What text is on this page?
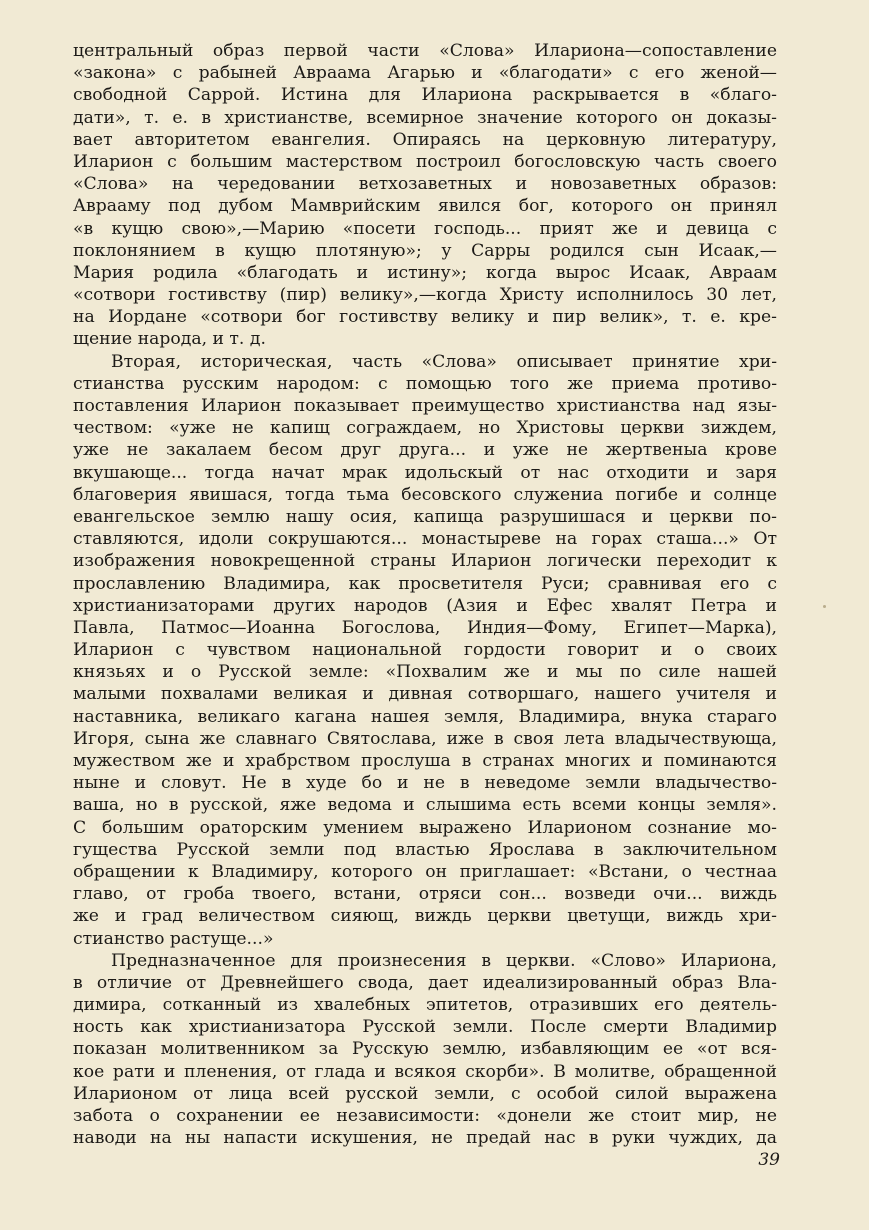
центральный образ первой части «Слова» Илариона—сопоставление
«закона» с рабыней Авраама Агарью и «благодати» с его женой—
свободной Саррой. Истина для Илариона раскрывается в «благо-
дати», т. е. в христианстве, всемирное значение которого он доказы-
вает авторитетом евангелия. Опираясь на церковную литературу,
Иларион с большим мастерством построил богословскую часть своего
«Слова» на чередовании ветхозаветных и новозаветных образов:
Аврааму под дубом Мамврийским явился бог, которого он принял
«в кущю свою»,—Марию «посети господь... прият же и девица с
поклонянием в кущю плотяную»; у Сарры родился сын Исаак,—
Мария родила «благодать и истину»; когда вырос Исаак, Авраам
«сотвори гостивству (пир) велику»,—когда Христу исполнилось 30 лет,
на Иордане «сотвори бог гостивству велику и пир велик», т. е. кре-
щение народа, и т. д.
Вторая, историческая, часть «Слова» описывает принятие хри-
стианства русским народом: с помощью того же приема противо-
поставления Иларион показывает преимущество христианства над язы-
чеством: «уже не капищ сограждаем, но Христовы церкви зиждем,
уже не закалаем бесом друг друга... и уже не жертвеныа крове
вкушающе... тогда начат мрак идольскый от нас отходити и заря
благоверия явишася, тогда тьма бесовского служениа погибе и солнце
евангельское землю нашу осия, капища разрушишася и церкви по-
ставляются, идоли сокрушаются... монастыреве на горах сташа...» От
изображения новокрещенной страны Иларион логически переходит к
прославлению Владимира, как просветителя Руси; сравнивая его с
христианизаторами других народов (Азия и Ефес хвалят Петра и
Павла, Патмос—Иоанна Богослова, Индия—Фому, Египет—Марка),
Иларион с чувством национальной гордости говорит и о своих
князьях и о Русской земле: «Похвалим же и мы по силе нашей
малыми похвалами великая и дивная сотворшаго, нашего учителя и
наставника, великаго кагана нашея земля, Владимира, внука стараго
Игоря, сына же славнаго Святослава, иже в своя лета владычествующа,
мужеством же и храбрством прослуша в странах многих и поминаются
ныне и словут. Не в худе бо и не в неведоме земли владычество-
ваша, но в русской, яже ведома и слышима есть всеми концы земля».
С большим ораторским умением выражено Иларионом сознание мо-
гущества Русской земли под властью Ярослава в заключительном
обращении к Владимиру, которого он приглашает: «Встани, о честнаа
главо, от гроба твоего, встани, отряси сон... возведи очи... виждь
же и град величеством сияющ, виждь церкви цветущи, виждь хри-
стианство растуще...»
Предназначенное для произнесения в церкви. «Слово» Илариона,
в отличие от Древнейшего свода, дает идеализированный образ Вла-
димира, сотканный из хвалебных эпитетов, отразивших его деятель-
ность как христианизатора Русской земли. После смерти Владимир
показан молитвенником за Русскую землю, избавляющим ее «от вся-
кое рати и пленения, от глада и всякоя скорби». В молитве, обращенной
Иларионом от лица всей русской земли, с особой силой выражена
забота о сохранении ее независимости: «донели же стоит мир, не
наводи на ны напасти искушения, не предай нас в руки чуждих, да
39
